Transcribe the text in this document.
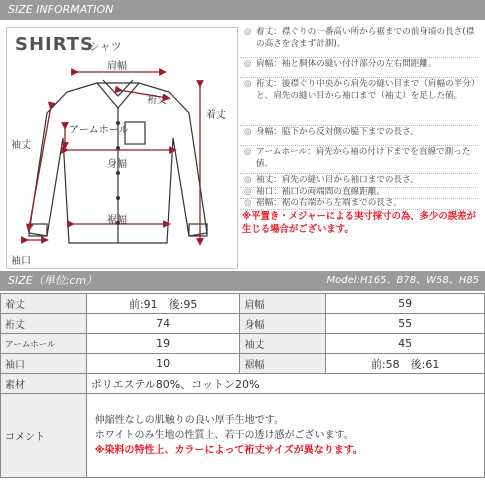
SIZE INFORMATION
SHIRTS
シャツ
肩幅
裄丈
着丈
袖丈
アームホール
身幅
裾幅
袖口
◎ 着丈：襟ぐりの一番高い所から裾までの前身頃の長さ(襟の高さを含まず計測)。
◎ 肩幅：袖と胴体の縫い付け部分の左右間距離。
◎ 裄丈：後襟ぐり中央から肩先の縫い目まで（肩幅の半分）と、肩先の縫い目から袖口まで（袖丈）を足した値。
◎ 身幅：脇下から反対側の脇下までの長さ。
◎ アームホール：肩先から袖の付け下までを直線で測った値。
◎ 袖丈：肩先の縫い目から袖口までの長さ。
◎ 袖口：袖口の両端間の直線距離。
◎ 裾幅：裾の右端から左端までの長さ。
※平置き・メジャーによる実寸採寸の為、多少の誤差が生じる場合がございます。
SIZE（単位:cm）	Model:H165、B78、W58、H85
着丈	前:91　後:95	肩幅	59
裄丈	74	身幅	55
アームホール	19	袖丈	45
袖口	10	裾幅	前:58　後:61
素材	ポリエステル80%、コットン20%		
コメント	伸縮性なしの肌触りの良い厚手生地です。
ホワイトのみ生地の性質上、若干の透け感がございます。
※染料の特性上、カラーによって裄丈サイズが異なります。		
